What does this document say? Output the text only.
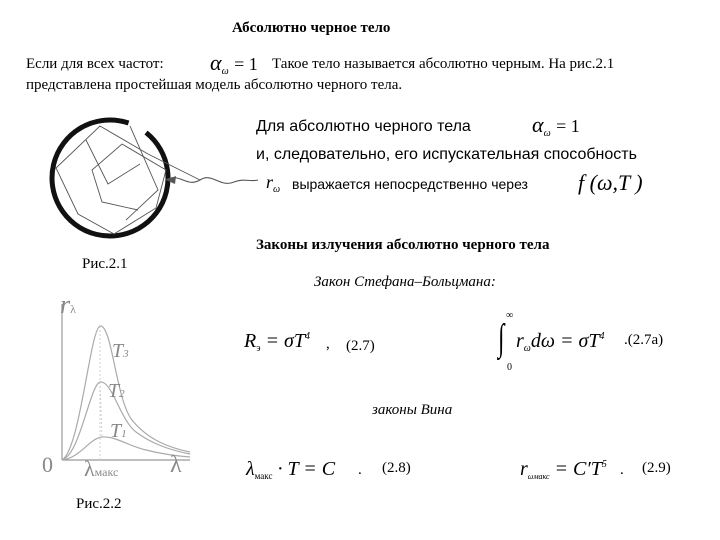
Абсолютно черное тело
Если для всех частот: $\alpha_\omega = 1$ Такое тело называется абсолютно черным. На рис.2.1
представлена простейшая модель абсолютно черного тела.
Рис.2.1
Для абсолютно черного тела	$\alpha_\omega = 1$
и, следовательно, его испускательная способность
$r_\omega$ выражается непосредственно через f (ω,T )
Законы излучения абсолютно черного тела
Закон Стефана–Больцмана:
$R_э = \sigma T^4$ , (2.7)
∞
∫
0
$r_\omega d\omega = \sigma T^4$ .(2.7a)
законы Вина
$\lambda_{макс} \cdot T = C$ . (2.8)	$r_{\omega макс} = C'T^5$ . (2.9)
rλ
T3
T2
T1
0 λмакс λ
Рис.2.2
